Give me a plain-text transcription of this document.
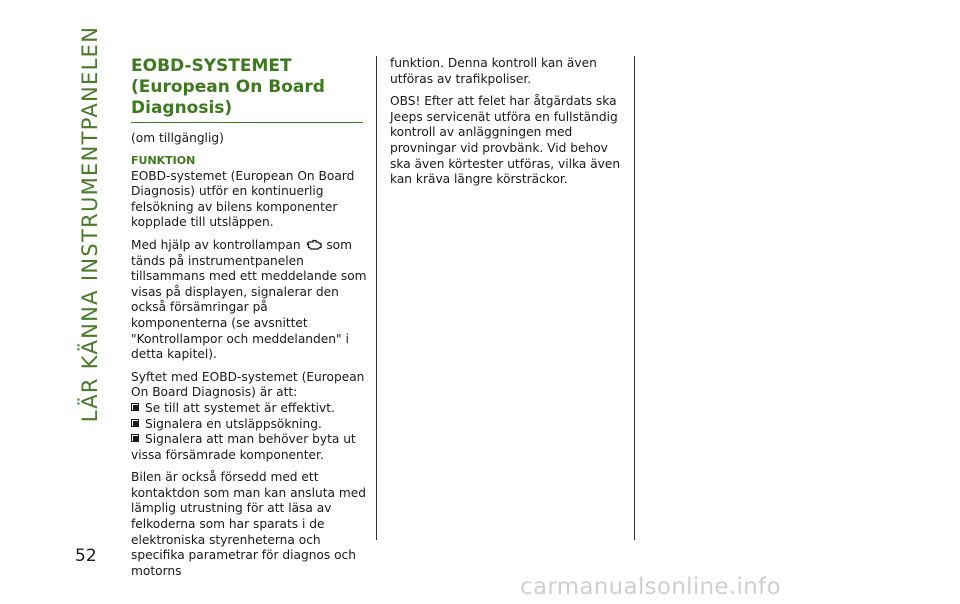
LÄR KÄNNA INSTRUMENTPANELEN
52
EOBD-SYSTEMET
(European On Board
Diagnosis)

(om tillgänglig)

FUNKTION

EOBD-systemet (European On Board Diagnosis) utför en kontinuerlig felsökning av bilens komponenter kopplade till utsläppen.

Med hjälp av kontrollampan som tänds på instrumentpanelen tillsammans med ett meddelande som visas på displayen, signalerar den också försämringar på komponenterna (se avsnittet "Kontrollampor och meddelanden" i detta kapitel).

Syftet med EOBD-systemet (European On Board Diagnosis) är att:

Se till att systemet är effektivt.
Signalera en utsläppsökning.
Signalera att man behöver byta ut vissa försämrade komponenter.

Bilen är också försedd med ett kontaktdon som man kan ansluta med lämplig utrustning för att läsa av felkoderna som har sparats i de elektroniska styrenheterna och specifika parametrar för diagnos och motorns

funktion. Denna kontroll kan även utföras av trafikpoliser.

OBS! Efter att felet har åtgärdats ska Jeeps servicenät utföra en fullständig kontroll av anläggningen med provningar vid provbänk. Vid behov ska även körtester utföras, vilka även kan kräva längre körsträckor.

carmanualsonline.info
